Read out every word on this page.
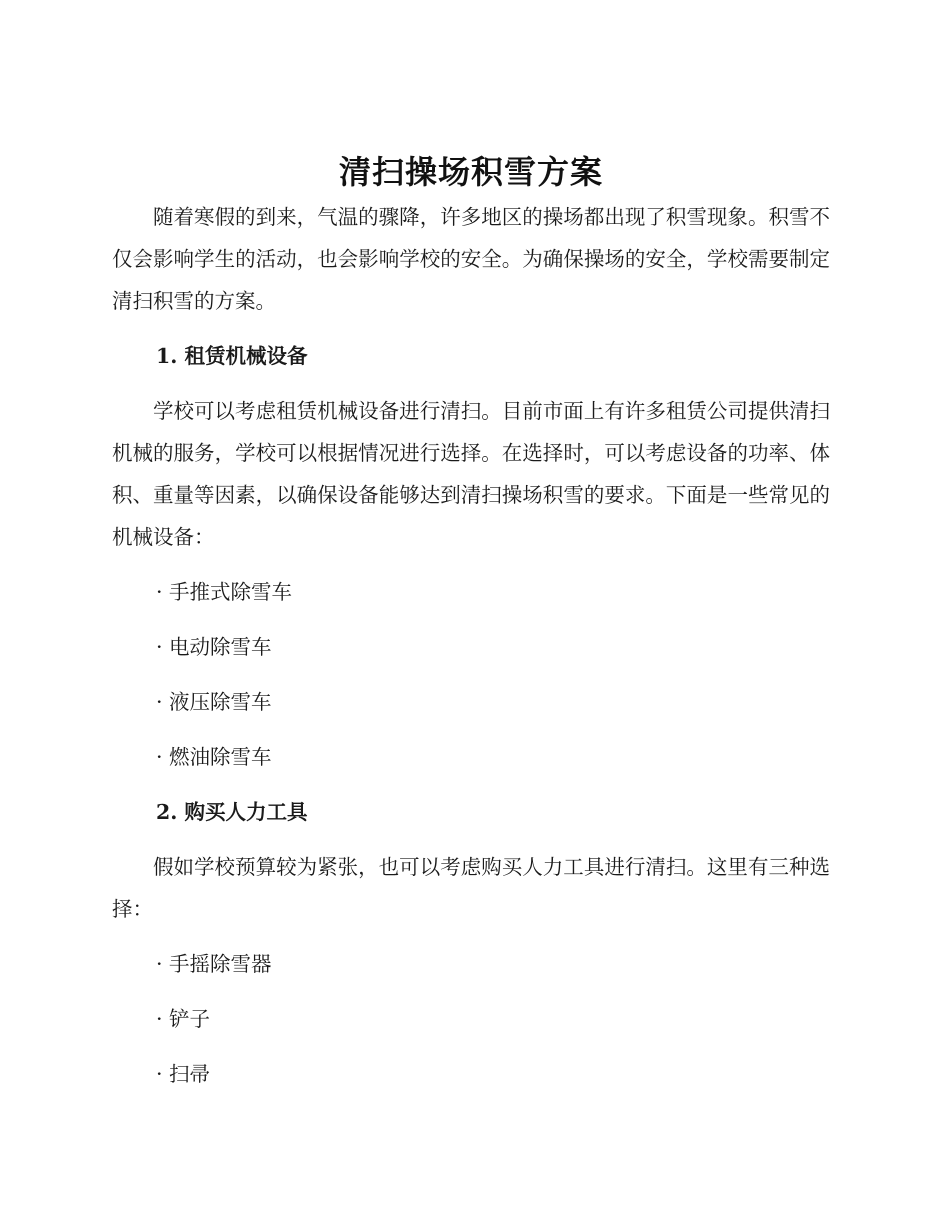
清扫操场积雪方案

随着寒假的到来，气温的骤降，许多地区的操场都出现了积雪现象。积雪不仅会影响学生的活动，也会影响学校的安全。为确保操场的安全，学校需要制定清扫积雪的方案。

1. 租赁机械设备

学校可以考虑租赁机械设备进行清扫。目前市面上有许多租赁公司提供清扫机械的服务，学校可以根据情况进行选择。在选择时，可以考虑设备的功率、体积、重量等因素，以确保设备能够达到清扫操场积雪的要求。下面是一些常见的机械设备：

· 手推式除雪车
· 电动除雪车
· 液压除雪车
· 燃油除雪车
2. 购买人力工具

假如学校预算较为紧张，也可以考虑购买人力工具进行清扫。这里有三种选择：

· 手摇除雪器
· 铲子
· 扫帚
